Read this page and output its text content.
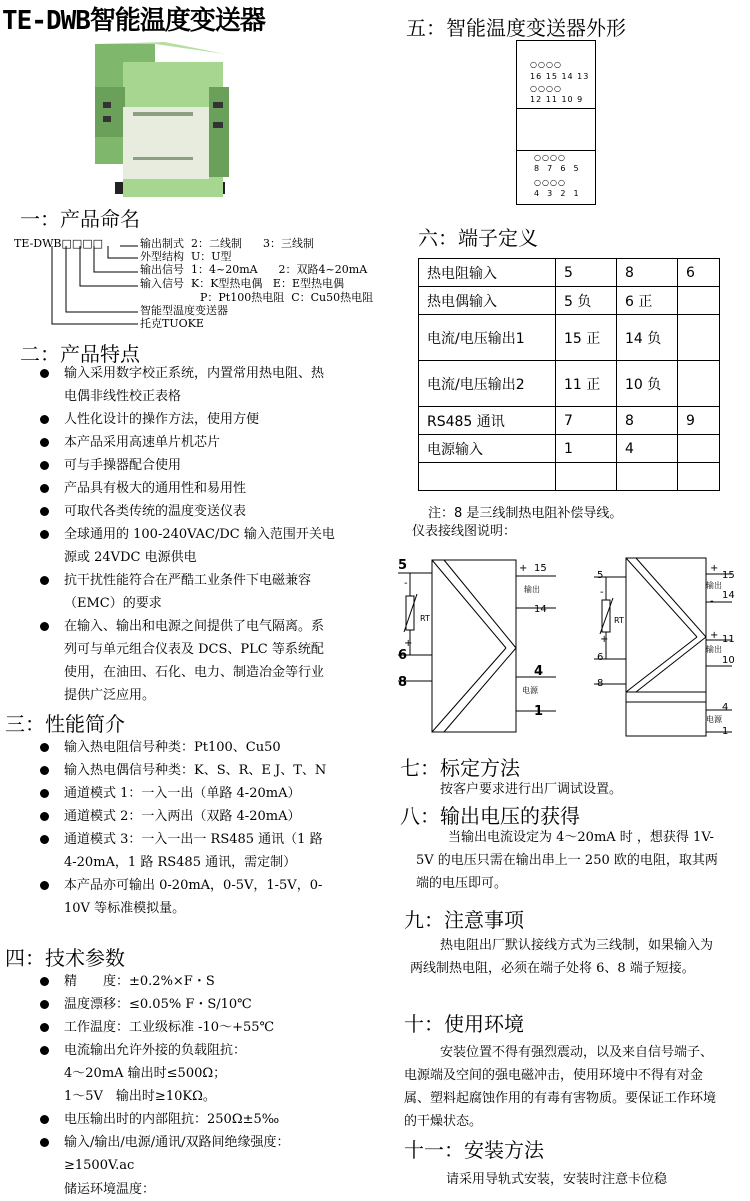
TE-DWB智能温度变送器
一：产品命名
TE-DWB□□□□	输出制式  2：二线制      3：三线制
外型结构  U：U型
输出信号  1：4~20mA      2：双路4~20mA
输入信号  K：K型热电偶   E：E型热电偶
P：Pt100热电阻  C：Cu50热电阻
智能型温度变送器
托克TUOKE
二：产品特点
输入采用数字校正系统，内置常用热电阻、热电偶非线性校正表格
人性化设计的操作方法，使用方便
本产品采用高速单片机芯片
可与手操器配合使用
产品具有极大的通用性和易用性
可取代各类传统的温度变送仪表
全球通用的 100-240VAC/DC 输入范围开关电源或 24VDC 电源供电
抗干扰性能符合在严酷工业条件下电磁兼容（EMC）的要求
在输入、输出和电源之间提供了电气隔离。系列可与单元组合仪表及 DCS、PLC 等系统配使用，在油田、石化、电力、制造冶金等行业提供广泛应用。
三：性能简介
输入热电阻信号种类：Pt100、Cu50
输入热电偶信号种类：K、S、R、E J、T、N
通道模式 1：一入一出（单路 4-20mA）
通道模式 2：一入两出（双路 4-20mA）
通道模式 3：一入一出一 RS485 通讯（1 路 4-20mA，1 路 RS485 通讯，需定制）
本产品亦可输出 0-20mA，0-5V，1-5V，0-10V 等标准模拟量。
四：技术参数
精　　度：±0.2%×F・S
温度漂移：≤0.05% F・S/10℃
工作温度：工业级标准 -10～+55℃
电流输出允许外接的负载阻抗：
4～20mA 输出时≤500Ω；
1～5V　输出时≥10KΩ。
电压输出时的内部阻抗：250Ω±5‰
输入/输出/电源/通讯/双路间绝缘强度：≥1500V.ac
储运环境温度：
五：智能温度变送器外形
○○○○
16 15 14 13
○○○○
12 11 10 9
○○○○
8  7  6  5
○○○○
4  3  2  1
六：端子定义
热电阻输入	5	8	6
热电偶输入	5 负	6 正	
电流/电压输出1	15 正	14 负	
电流/电压输出2	11 正	10 负	
RS485 通讯	7	8	9
电源输入	1	4	

注：8 是三线制热电阻补偿导线。
仪表接线图说明：
5
-
RT
+
6
8
+ 15
输出
- 14
4
电源
1
5
-
RT
+
6
8
+
15
输出
14
-
+ 11
输出
10
-
4
电源
1
七：标定方法
按客户要求进行出厂调试设置。
八：输出电压的获得
当输出电流设定为 4～20mA 时 ，想获得 1V-5V 的电压只需在输出串上一 250 欧的电阻，取其两端的电压即可。
九：注意事项
热电阻出厂默认接线方式为三线制，如果输入为两线制热电阻，必须在端子处将 6、8 端子短接。
十：使用环境
安装位置不得有强烈震动，以及来自信号端子、电源端及空间的强电磁冲击，使用环境中不得有对金属、塑料起腐蚀作用的有毒有害物质。要保证工作环境的干燥状态。
十一：安装方法
请采用导轨式安装，安装时注意卡位稳
